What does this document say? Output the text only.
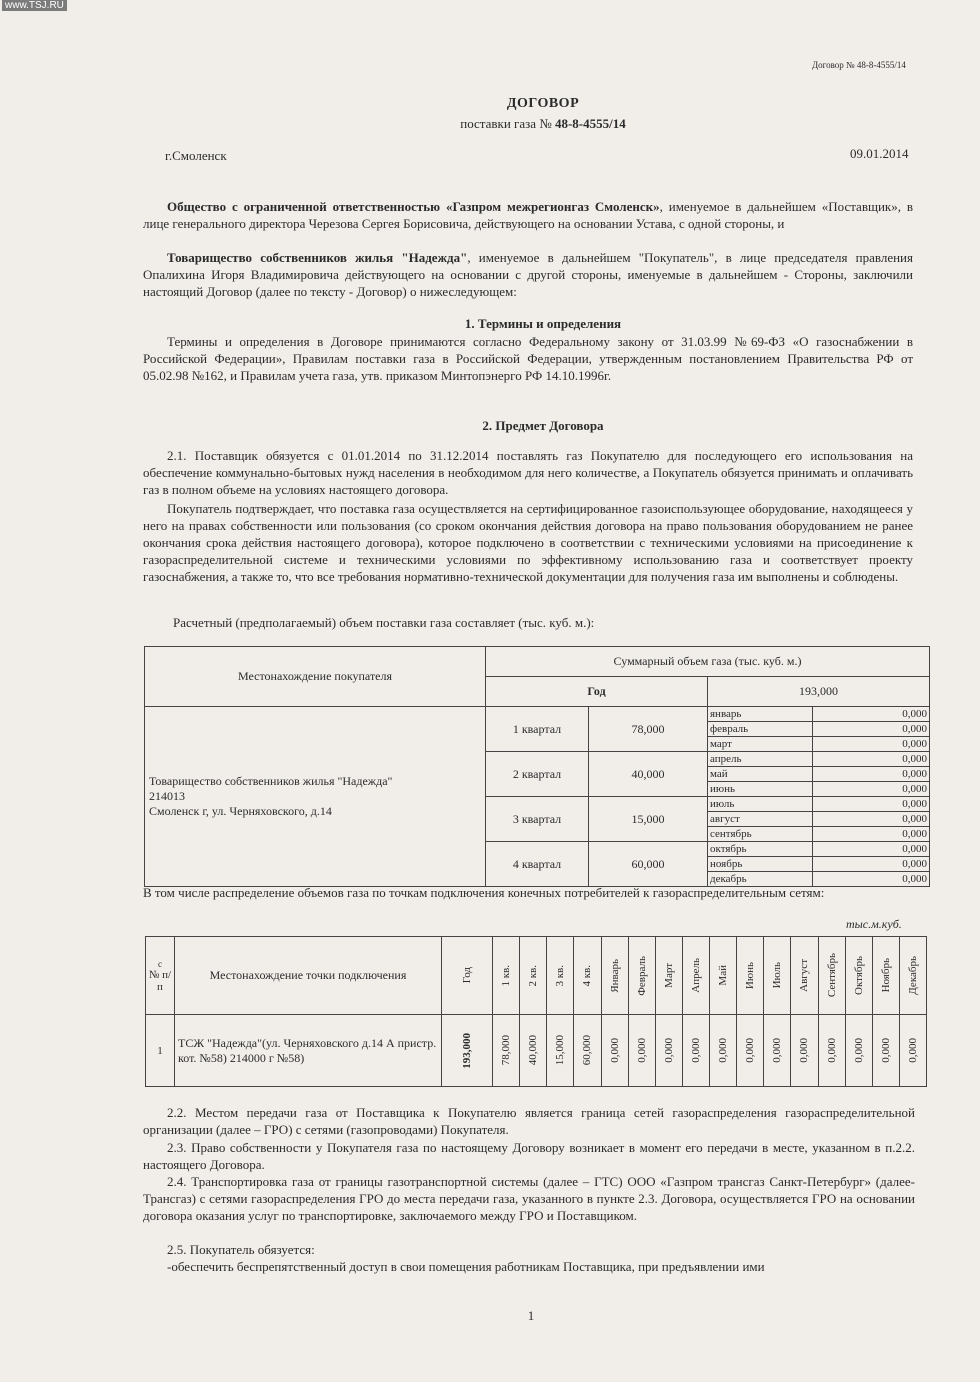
www.TSJ.RU
Договор № 48-8-4555/14
ДОГОВОР
поставки газа № 48-8-4555/14
г.Смоленск	09.01.2014
Общество с ограниченной ответственностью «Газпром межрегионгаз Смоленск», именуемое в дальнейшем «Поставщик», в лице генерального директора Черезова Сергея Борисовича, действующего на основании Устава, с одной стороны, и
Товарищество собственников жилья "Надежда", именуемое в дальнейшем "Покупатель", в лице председателя правления Опалихина Игоря Владимировича действующего на основании с другой стороны, именуемые в дальнейшем - Стороны, заключили настоящий Договор (далее по тексту - Договор) о нижеследующем:
1. Термины и определения
Термины и определения в Договоре принимаются согласно Федеральному закону от 31.03.99 №69-ФЗ «О газоснабжении в Российской Федерации», Правилам поставки газа в Российской Федерации, утвержденным постановлением Правительства РФ от 05.02.98 №162, и Правилам учета газа, утв. приказом Минтопэнерго РФ 14.10.1996г.
2. Предмет Договора
2.1. Поставщик обязуется с 01.01.2014 по 31.12.2014 поставлять газ Покупателю для последующего его использования на обеспечение коммунально-бытовых нужд населения в необходимом для него количестве, а Покупатель обязуется принимать и оплачивать газ в полном объеме на условиях настоящего договора.
Покупатель подтверждает, что поставка газа осуществляется на сертифицированное газоиспользующее оборудование, находящееся у него на правах собственности или пользования (со сроком окончания действия договора на право пользования оборудованием не ранее окончания срока действия настоящего договора), которое подключено в соответствии с техническими условиями на присоединение к газораспределительной системе и техническими условиями по эффективному использованию газа и соответствует проекту газоснабжения, а также то, что все требования нормативно-технической документации для получения газа им выполнены и соблюдены.
Расчетный (предполагаемый) объем поставки газа составляет (тыс. куб. м.):
Местонахождение покупателя	Суммарный объем газа (тыс. куб. м.)			
	Год		193,000	

Товарищество собственников жилья "Надежда"
214013
Смоленск г, ул. Черняховского, д.14	1 квартал	78,000	январь	0,000
			февраль	0,000
			март	0,000
	2 квартал	40,000	апрель	0,000
			май	0,000
			июнь	0,000
	3 квартал	15,000	июль	0,000
			август	0,000
			сентябрь	0,000
	4 квартал	60,000	октябрь	0,000
			ноябрь	0,000
			декабрь	0,000
В том числе распределение объемов газа по точкам подключения конечных потребителей к газораспределительным сетям:
тыс.м.куб.
с
№ п/п	Местонахождение точки подключения	Год	1 кв.	2 кв.	3 кв.	4 кв.	Январь	Февраль	Март	Апрель	Май	Июнь	Июль	Август	Сентябрь	Октябрь	Ноябрь	Декабрь

1	ТСЖ "Надежда"(ул. Черняховского д.14 А пристр. кот. №58) 214000 г №58)	193,000	78,000	40,000	15,000	60,000	0,000	0,000	0,000	0,000	0,000	0,000	0,000	0,000	0,000	0,000	0,000	0,000
2.2. Местом передачи газа от Поставщика к Покупателю является граница сетей газораспределения газораспределительной организации (далее – ГРО) с сетями (газопроводами) Покупателя.
2.3. Право собственности у Покупателя газа по настоящему Договору возникает в момент его передачи в месте, указанном в п.2.2. настоящего Договора.
2.4. Транспортировка газа от границы газотранспортной системы (далее – ГТС) ООО «Газпром трансгаз Санкт-Петербург» (далее-Трансгаз) с сетями газораспределения ГРО до места передачи газа, указанного в пункте 2.3. Договора, осуществляется ГРО на основании договора оказания услуг по транспортировке, заключаемого между ГРО и Поставщиком.
2.5. Покупатель обязуется:
-обеспечить беспрепятственный доступ в свои помещения работникам Поставщика, при предъявлении ими
1
